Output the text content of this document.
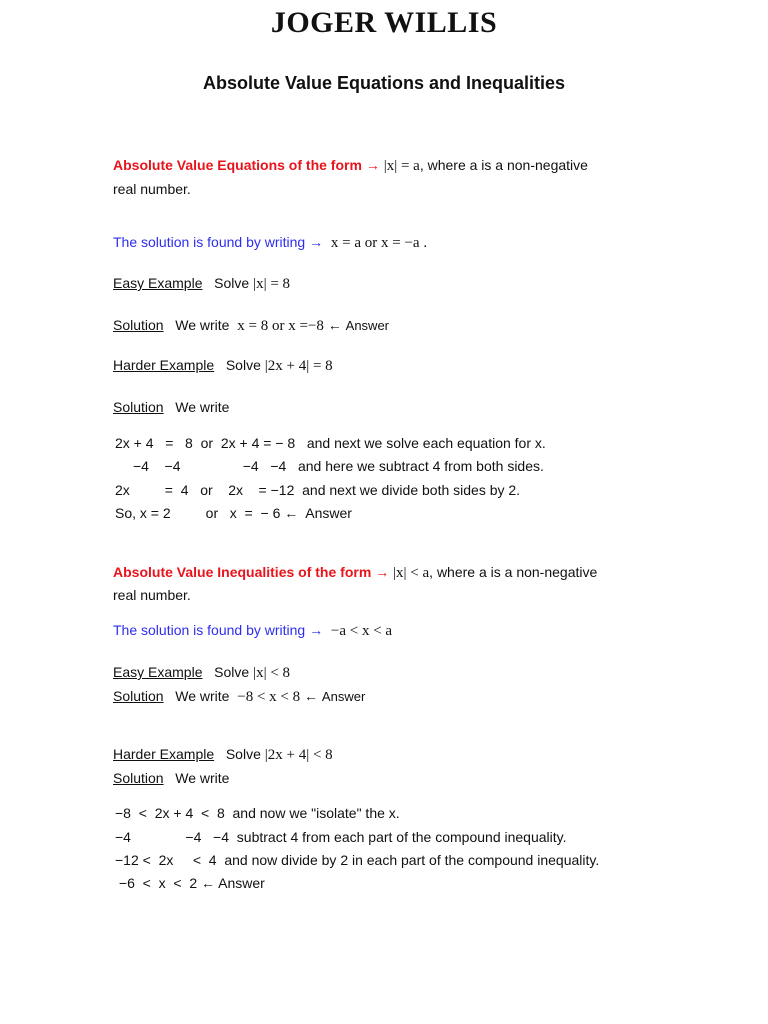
JOGER WILLIS
Absolute Value Equations and Inequalities
Absolute Value Equations of the form → |x| = a, where a is a non-negative
real number.
The solution is found by writing → x = a or x = −a .
Easy Example Solve |x| = 8
Solution We write x = 8 or x =−8 ← Answer
Harder Example Solve |2x + 4| = 8
Solution We write
2x + 4   =   8  or  2x + 4 = − 8   and next we solve each equation for x.
−4    −4                −4   −4   and here we subtract 4 from both sides.
2x         =  4   or    2x    = −12  and next we divide both sides by 2.
So, x = 2         or   x  =  − 6 ←  Answer
Absolute Value Inequalities of the form → |x| < a, where a is a non-negative
real number.
The solution is found by writing → −a < x < a
Easy Example Solve |x| < 8
Solution We write −8 < x < 8 ← Answer
Harder Example Solve |2x + 4| < 8
Solution We write
−8  <  2x + 4  <  8  and now we "isolate" the x.
−4              −4   −4  subtract 4 from each part of the compound inequality.
−12 <  2x     <  4  and now divide by 2 in each part of the compound inequality.
−6  <  x  <  2 ← Answer
